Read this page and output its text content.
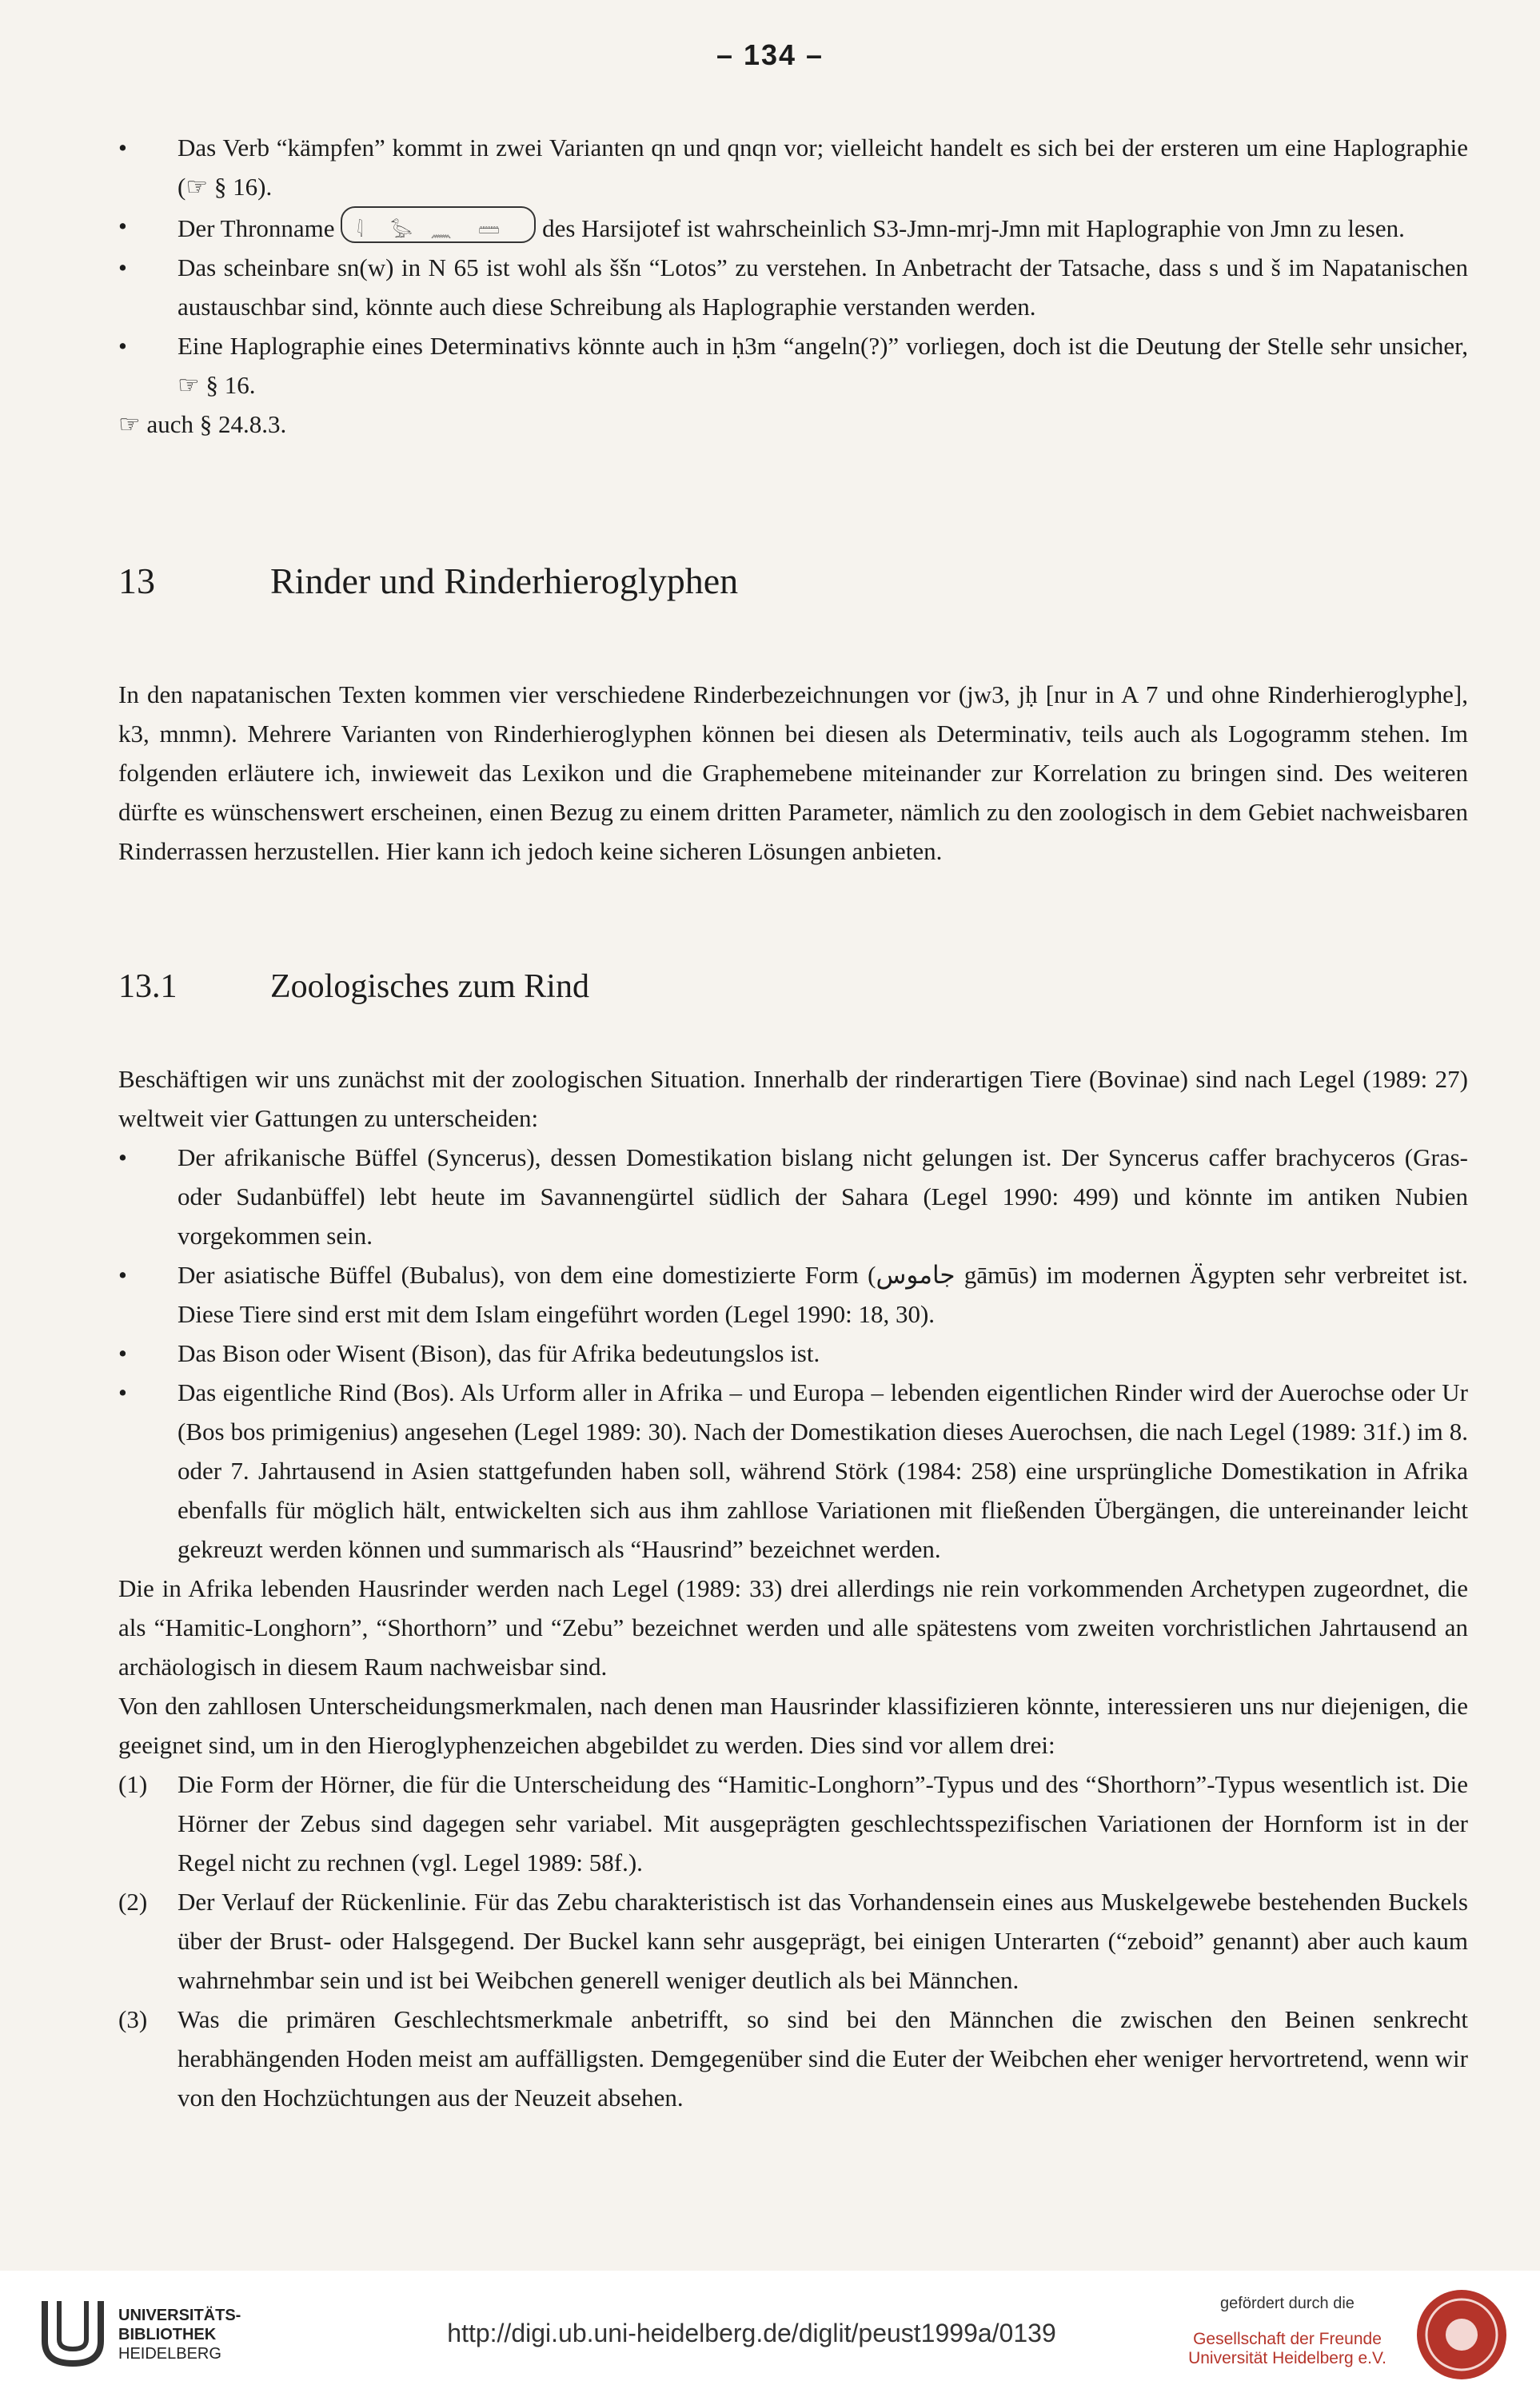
– 134 –
•	Das Verb “kämpfen” kommt in zwei Varianten qn und qnqn vor; vielleicht handelt es sich bei der ersteren um eine Haplographie (☞ § 16).
•	Der Thronname 𓇋 𓅭 𓈖 𓏠 des Harsijotef ist wahrscheinlich S3-Jmn-mrj-Jmn mit Haplographie von Jmn zu lesen.
•	Das scheinbare sn(w) in N 65 ist wohl als ššn “Lotos” zu verstehen. In Anbetracht der Tatsache, dass s und š im Napatanischen austauschbar sind, könnte auch diese Schreibung als Haplographie verstanden werden.
•	Eine Haplographie eines Determinativs könnte auch in ḥ3m “angeln(?)” vorliegen, doch ist die Deutung der Stelle sehr unsicher, ☞ § 16.
☞ auch § 24.8.3.
13	Rinder und Rinderhieroglyphen
In den napatanischen Texten kommen vier verschiedene Rinderbezeichnungen vor (jw3, jḥ [nur in A 7 und ohne Rinderhieroglyphe], k3, mnmn). Mehrere Varianten von Rinderhieroglyphen können bei diesen als Determinativ, teils auch als Logogramm stehen. Im folgenden erläutere ich, inwieweit das Lexikon und die Graphemebene miteinander zur Korrelation zu bringen sind. Des weiteren dürfte es wünschenswert erscheinen, einen Bezug zu einem dritten Parameter, nämlich zu den zoologisch in dem Gebiet nachweisbaren Rinderrassen herzustellen. Hier kann ich jedoch keine sicheren Lösungen anbieten.
13.1	Zoologisches zum Rind
Beschäftigen wir uns zunächst mit der zoologischen Situation. Innerhalb der rinderartigen Tiere (Bovinae) sind nach Legel (1989: 27) weltweit vier Gattungen zu unterscheiden:
•	Der afrikanische Büffel (Syncerus), dessen Domestikation bislang nicht gelungen ist. Der Syncerus caffer brachyceros (Gras- oder Sudanbüffel) lebt heute im Savannengürtel südlich der Sahara (Legel 1990: 499) und könnte im antiken Nubien vorgekommen sein.
•	Der asiatische Büffel (Bubalus), von dem eine domestizierte Form (جاموس gāmūs) im modernen Ägypten sehr verbreitet ist. Diese Tiere sind erst mit dem Islam eingeführt worden (Legel 1990: 18, 30).
•	Das Bison oder Wisent (Bison), das für Afrika bedeutungslos ist.
•	Das eigentliche Rind (Bos). Als Urform aller in Afrika – und Europa – lebenden eigentlichen Rinder wird der Auerochse oder Ur (Bos bos primigenius) angesehen (Legel 1989: 30). Nach der Domestikation dieses Auerochsen, die nach Legel (1989: 31f.) im 8. oder 7. Jahrtausend in Asien stattgefunden haben soll, während Störk (1984: 258) eine ursprüngliche Domestikation in Afrika ebenfalls für möglich hält, entwickelten sich aus ihm zahllose Variationen mit fließenden Übergängen, die untereinander leicht gekreuzt werden können und summarisch als “Hausrind” bezeichnet werden.
Die in Afrika lebenden Hausrinder werden nach Legel (1989: 33) drei allerdings nie rein vorkommenden Archetypen zugeordnet, die als “Hamitic-Longhorn”, “Shorthorn” und “Zebu” bezeichnet werden und alle spätestens vom zweiten vorchristlichen Jahrtausend an archäologisch in diesem Raum nachweisbar sind.
Von den zahllosen Unterscheidungsmerkmalen, nach denen man Hausrinder klassifizieren könnte, interessieren uns nur diejenigen, die geeignet sind, um in den Hieroglyphenzeichen abgebildet zu werden. Dies sind vor allem drei:
(1)	Die Form der Hörner, die für die Unterscheidung des “Hamitic-Longhorn”-Typus und des “Shorthorn”-Typus wesentlich ist. Die Hörner der Zebus sind dagegen sehr variabel. Mit ausgeprägten geschlechtsspezifischen Variationen der Hornform ist in der Regel nicht zu rechnen (vgl. Legel 1989: 58f.).
(2)	Der Verlauf der Rückenlinie. Für das Zebu charakteristisch ist das Vorhandensein eines aus Muskelgewebe bestehenden Buckels über der Brust- oder Halsgegend. Der Buckel kann sehr ausgeprägt, bei einigen Unterarten (“zeboid” genannt) aber auch kaum wahrnehmbar sein und ist bei Weibchen generell weniger deutlich als bei Männchen.
(3)	Was die primären Geschlechtsmerkmale anbetrifft, so sind bei den Männchen die zwischen den Beinen senkrecht herabhängenden Hoden meist am auffälligsten. Demgegenüber sind die Euter der Weibchen eher weniger hervortretend, wenn wir von den Hochzüchtungen aus der Neuzeit absehen.
UNIVERSITÄTS-
BIBLIOTHEK
HEIDELBERG
http://digi.ub.uni-heidelberg.de/diglit/peust1999a/0139
gefördert durch die
Gesellschaft der Freunde
Universität Heidelberg e.V.
